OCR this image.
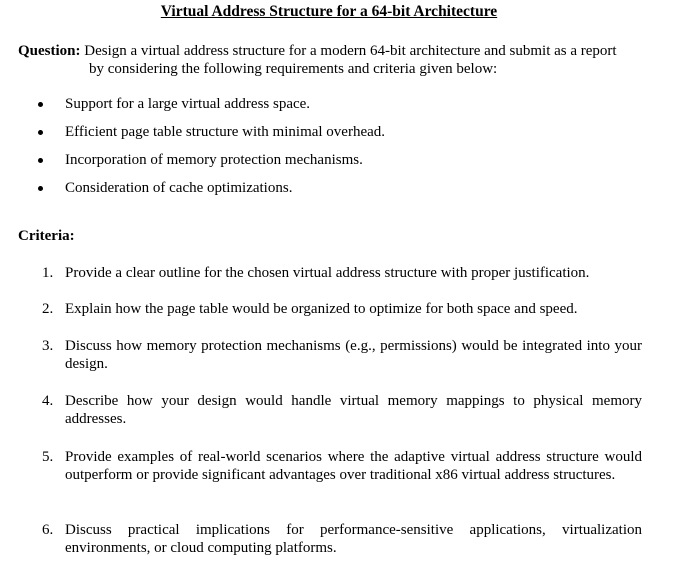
Virtual Address Structure for a 64-bit Architecture
Question: Design a virtual address structure for a modern 64-bit architecture and submit as a report
by considering the following requirements and criteria given below:
Support for a large virtual address space.
Efficient page table structure with minimal overhead.
Incorporation of memory protection mechanisms.
Consideration of cache optimizations.
Criteria:
1. Provide a clear outline for the chosen virtual address structure with proper justification.
2. Explain how the page table would be organized to optimize for both space and speed.
3. Discuss how memory protection mechanisms (e.g., permissions) would be integrated into your design.
4. Describe how your design would handle virtual memory mappings to physical memory addresses.
5. Provide examples of real-world scenarios where the adaptive virtual address structure would outperform or provide significant advantages over traditional x86 virtual address structures.
6. Discuss practical implications for performance-sensitive applications, virtualization environments, or cloud computing platforms.
